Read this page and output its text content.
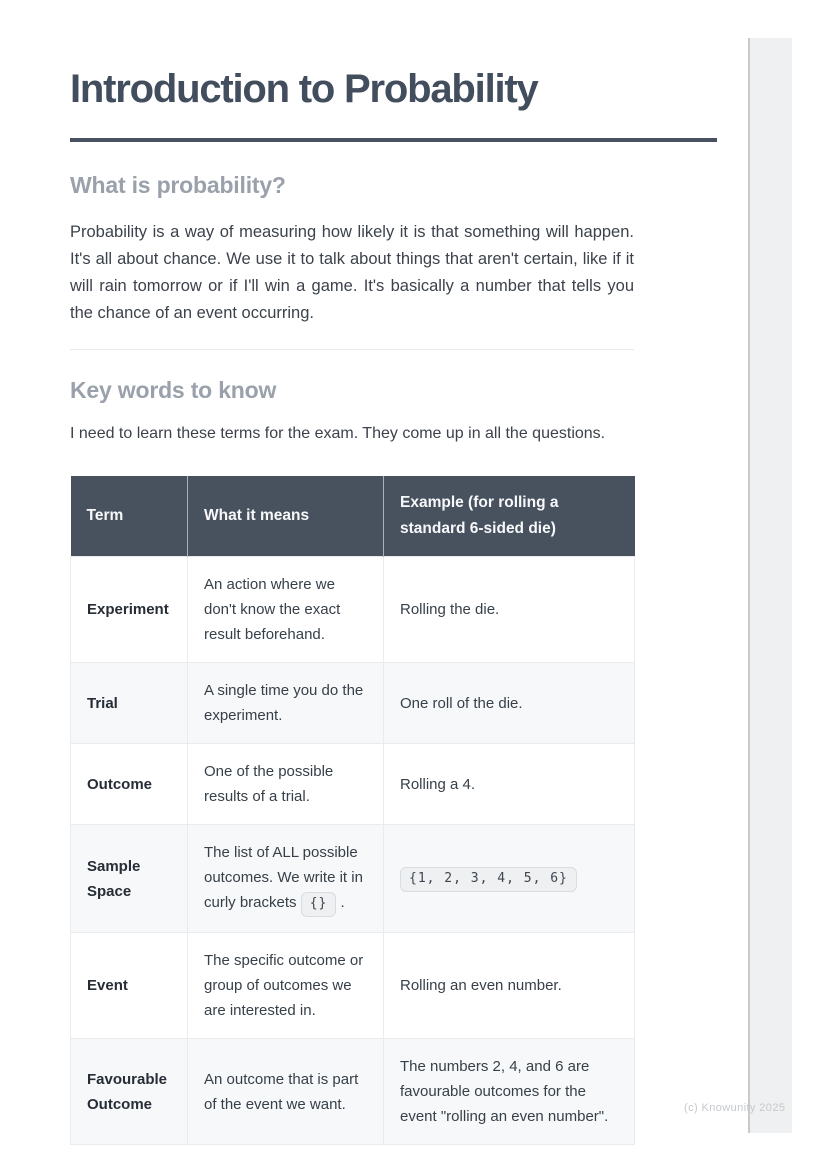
Introduction to Probability
What is probability?

Probability is a way of measuring how likely it is that something will happen. It's all about chance. We use it to talk about things that aren't certain, like if it will rain tomorrow or if I'll win a game. It's basically a number that tells you the chance of an event occurring.

Key words to know

I need to learn these terms for the exam. They come up in all the questions.

Term	What it means	Example (for rolling a standard 6-sided die)
Experiment	An action where we don't know the exact result beforehand.	Rolling the die.
Trial	A single time you do the experiment.	One roll of the die.
Outcome	One of the possible results of a trial.	Rolling a 4.
Sample Space	The list of ALL possible outcomes. We write it in curly brackets {} .	{1, 2, 3, 4, 5, 6}
Event	The specific outcome or group of outcomes we are interested in.	Rolling an even number.
Favourable Outcome	An outcome that is part of the event we want.	The numbers 2, 4, and 6 are favourable outcomes for the event "rolling an even number".	(c) Knowunity 2025
